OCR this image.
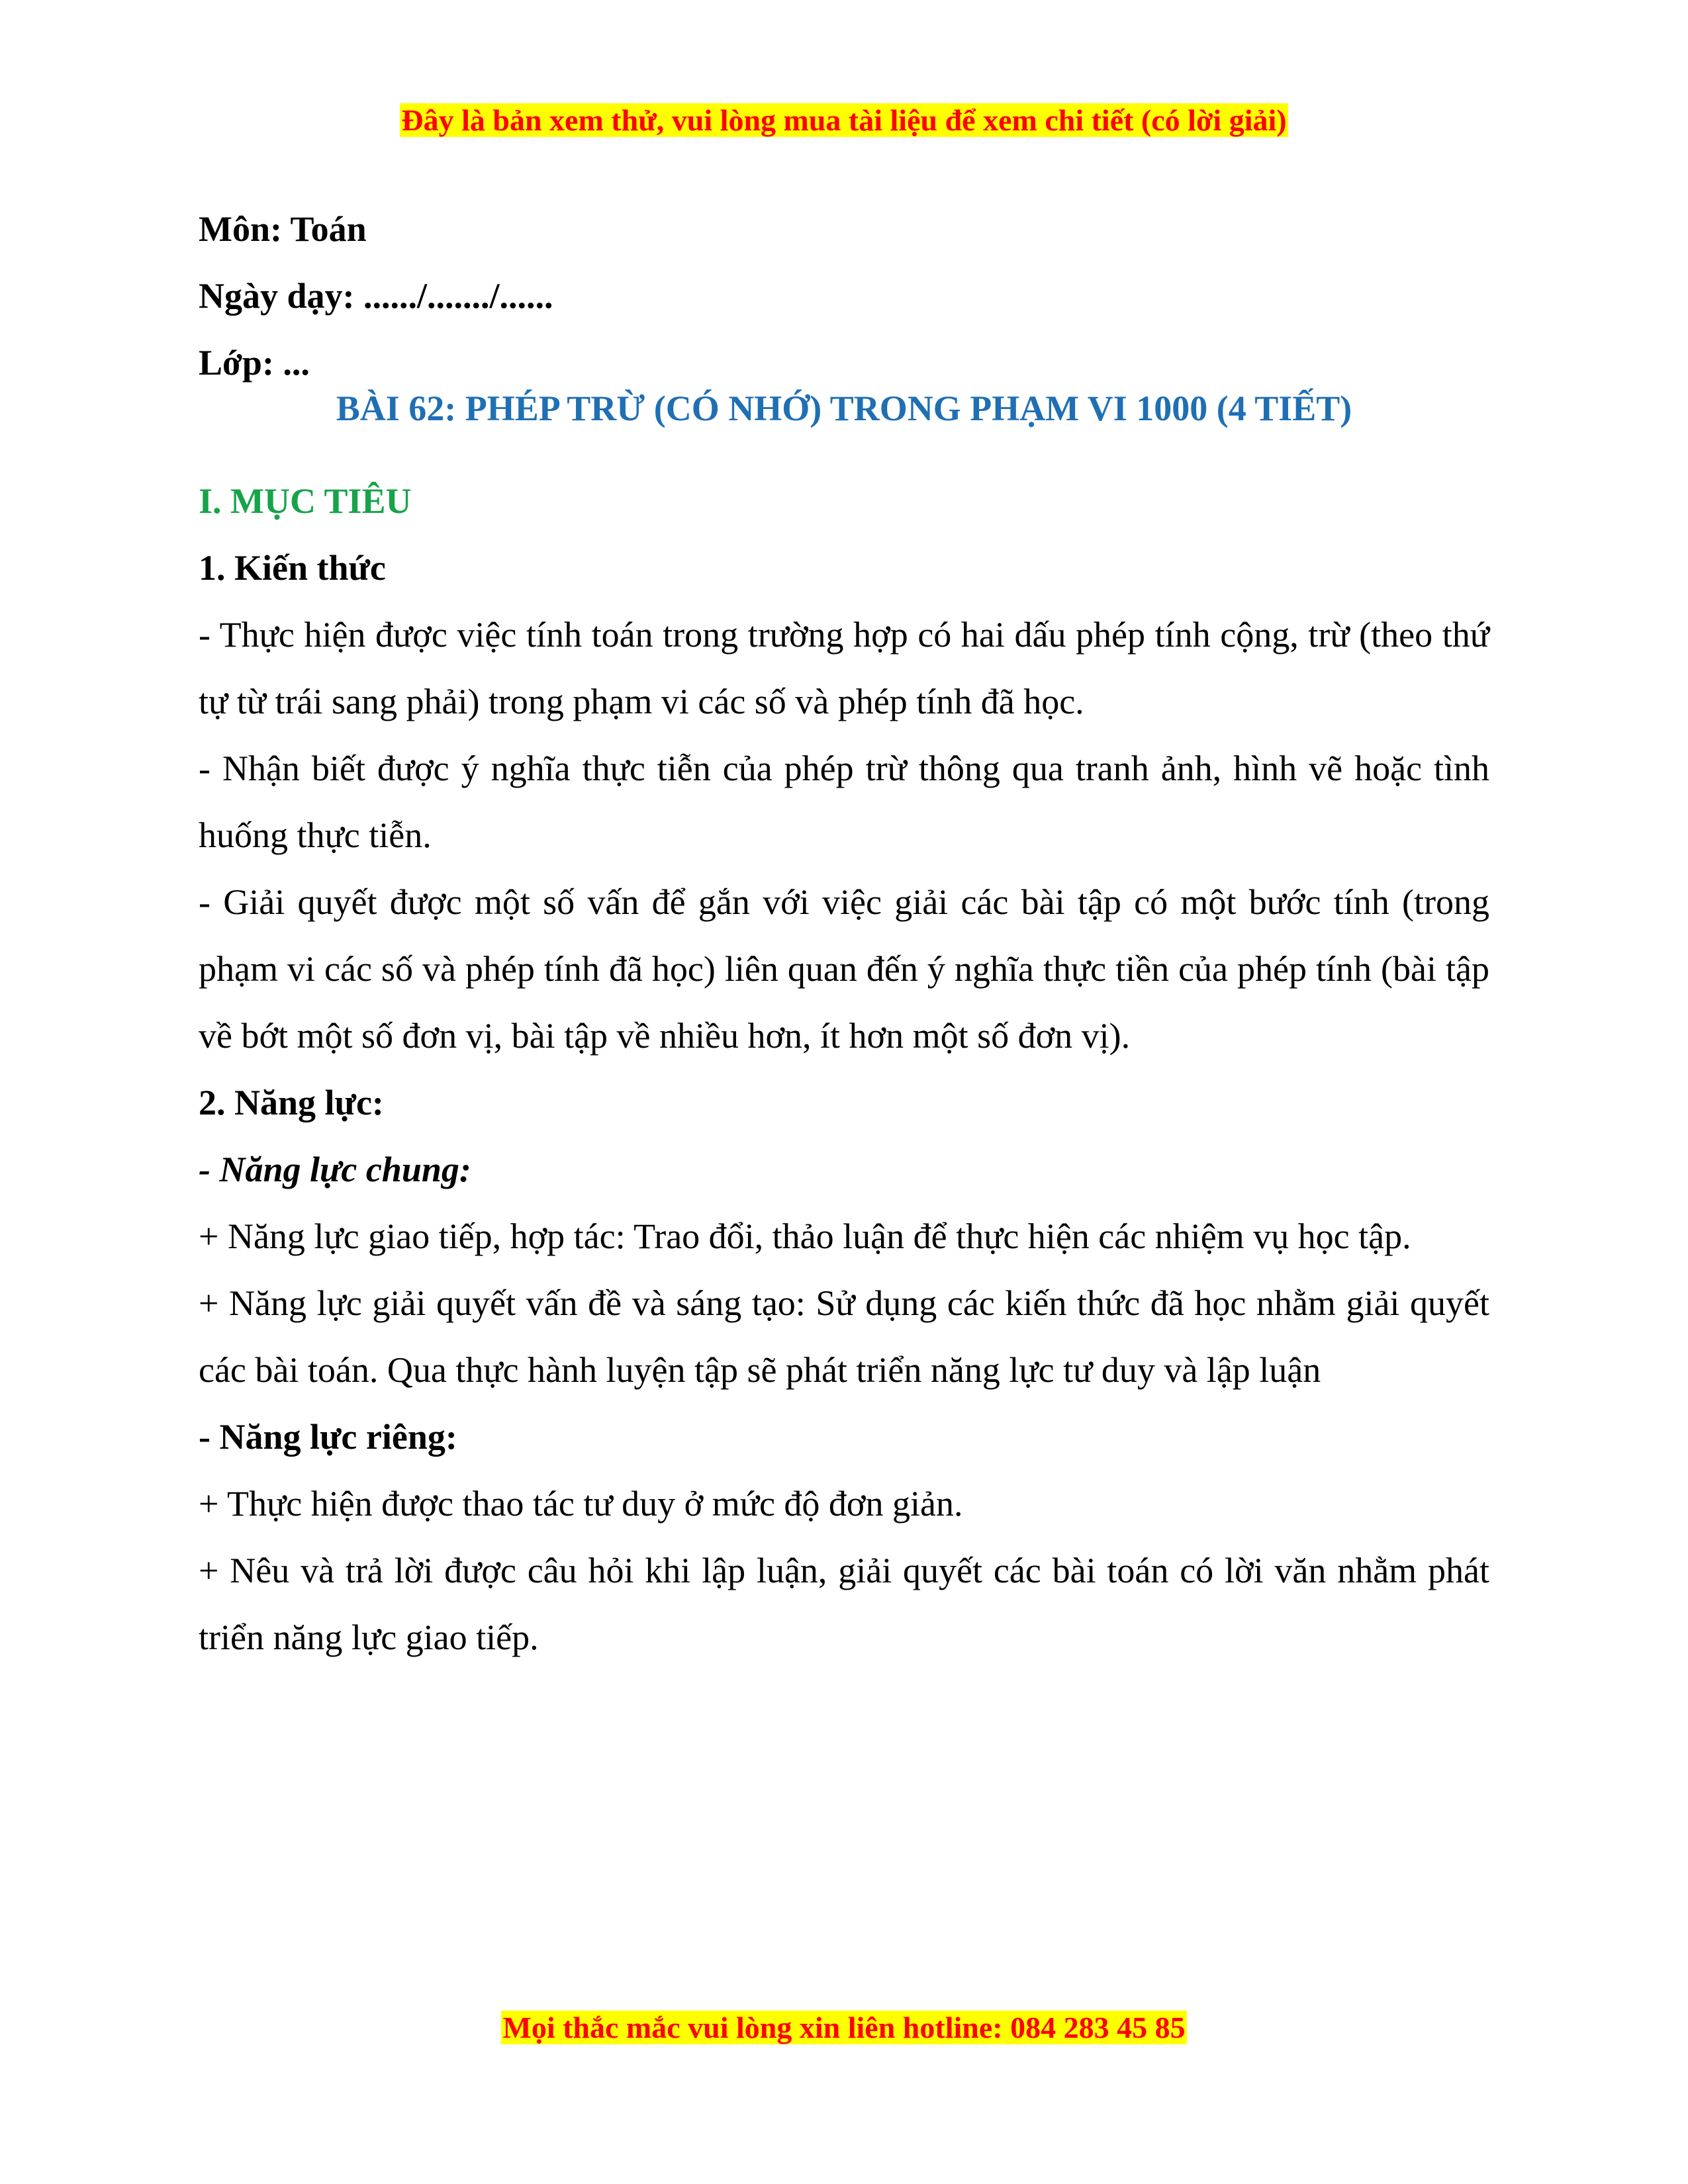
Đây là bản xem thử, vui lòng mua tài liệu để xem chi tiết (có lời giải)
Môn: Toán
Ngày dạy: ....../......./......
Lớp: ...
BÀI 62: PHÉP TRỪ (CÓ NHỚ) TRONG PHẠM VI 1000 (4 TIẾT)
I. MỤC TIÊU
1. Kiến thức
- Thực hiện được việc tính toán trong trường hợp có hai dấu phép tính cộng, trừ (theo thứ tự từ trái sang phải) trong phạm vi các số và phép tính đã học.
- Nhận biết được ý nghĩa thực tiễn của phép trừ thông qua tranh ảnh, hình vẽ hoặc tình huống thực tiễn.
- Giải quyết được một số vấn để gắn với việc giải các bài tập có một bước tính (trong phạm vi các số và phép tính đã học) liên quan đến ý nghĩa thực tiền của phép tính (bài tập về bớt một số đơn vị, bài tập về nhiều hơn, ít hơn một số đơn vị).
2. Năng lực:
- Năng lực chung:
+ Năng lực giao tiếp, hợp tác: Trao đổi, thảo luận để thực hiện các nhiệm vụ học tập.
+ Năng lực giải quyết vấn đề và sáng tạo: Sử dụng các kiến thức đã học nhằm giải quyết các bài toán. Qua thực hành luyện tập sẽ phát triển năng lực tư duy và lập luận
- Năng lực riêng:
+ Thực hiện được thao tác tư duy ở mức độ đơn giản.
+ Nêu và trả lời được câu hỏi khi lập luận, giải quyết các bài toán có lời văn nhằm phát triển năng lực giao tiếp.
Mọi thắc mắc vui lòng xin liên hotline: 084 283 45 85
